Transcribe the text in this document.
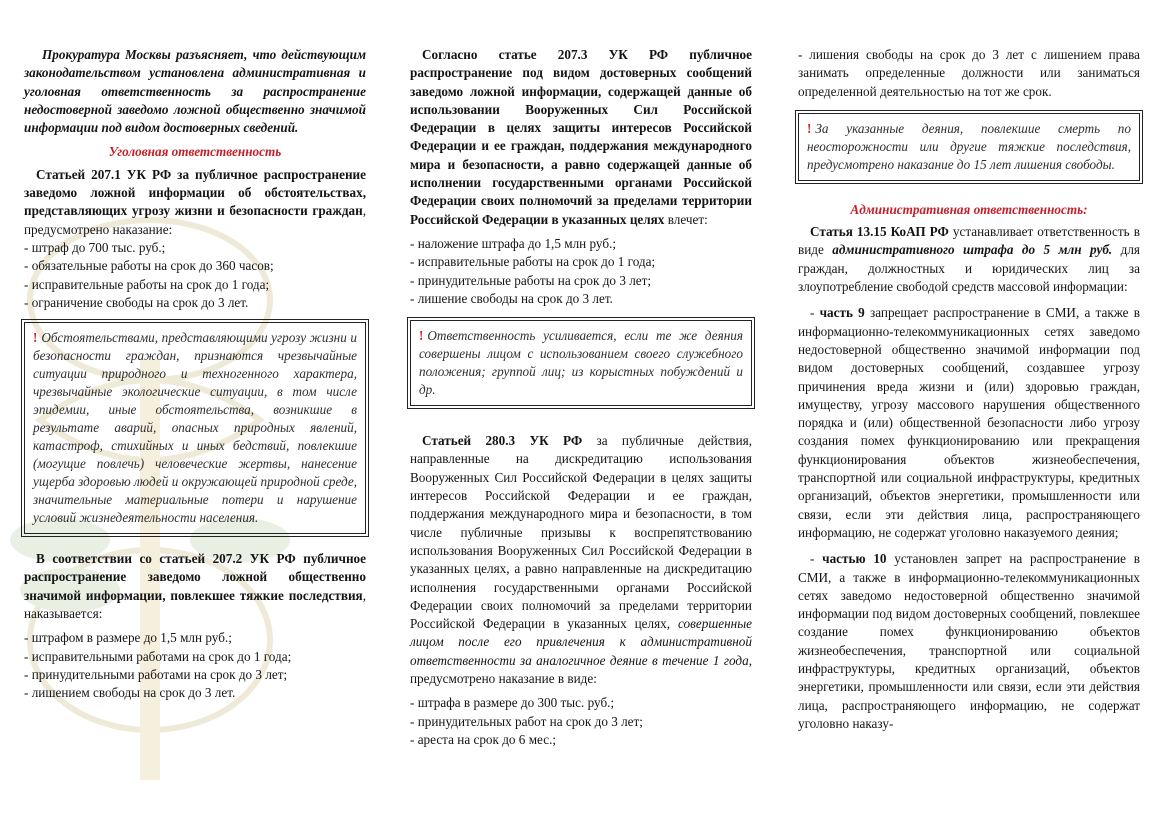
Прокуратура Москвы разъясняет, что действующим законодательством установлена административная и уголовная ответственность за распространение недостоверной заведомо ложной общественно значимой информации под видом достоверных сведений.

Уголовная ответственность

Статьей 207.1 УК РФ за публичное распространение заведомо ложной информации об обстоятельствах, представляющих угрозу жизни и безопасности граждан, предусмотрено наказание:

- штраф до 700 тыс. руб.;
- обязательные работы на срок до 360 часов;
- исправительные работы на срок до 1 года;
- ограничение свободы на срок до 3 лет.
! Обстоятельствами, представляющими угрозу жизни и безопасности граждан, признаются чрезвычайные ситуации природного и техногенного характера, чрезвычайные экологические ситуации, в том числе эпидемии, иные обстоятельства, возникшие в результате аварий, опасных природных явлений, катастроф, стихийных и иных бедствий, повлекшие (могущие повлечь) человеческие жертвы, нанесение ущерба здоровью людей и окружающей природной среде, значительные материальные потери и нарушение условий жизнедеятельности населения.

В соответствии со статьей 207.2 УК РФ публичное распространение заведомо ложной общественно значимой информации, повлекшее тяжкие последствия, наказывается:

- штрафом в размере до 1,5 млн руб.;
- исправительными работами на срок до 1 года;
- принудительными работами на срок до 3 лет;
- лишением свободы на срок до 3 лет.

Согласно статье 207.3 УК РФ публичное распространение под видом достоверных сообщений заведомо ложной информации, содержащей данные об использовании Вооруженных Сил Российской Федерации в целях защиты интересов Российской Федерации и ее граждан, поддержания международного мира и безопасности, а равно содержащей данные об исполнении государственными органами Российской Федерации своих полномочий за пределами территории Российской Федерации в указанных целях влечет:

- наложение штрафа до 1,5 млн руб.;
- исправительные работы на срок до 1 года;
- принудительные работы на срок до 3 лет;
- лишение свободы на срок до 3 лет.
! Ответственность усиливается, если те же деяния совершены лицом с использованием своего служебного положения; группой лиц; из корыстных побуждений и др.

Статьей 280.3 УК РФ за публичные действия, направленные на дискредитацию использования Вооруженных Сил Российской Федерации в целях защиты интересов Российской Федерации и ее граждан, поддержания международного мира и безопасности, в том числе публичные призывы к воспрепятствованию использования Вооруженных Сил Российской Федерации в указанных целях, а равно направленные на дискредитацию исполнения государственными органами Российской Федерации своих полномочий за пределами территории Российской Федерации в указанных целях, совершенные лицом после его привлечения к административной ответственности за аналогичное деяние в течение 1 года, предусмотрено наказание в виде:

- штрафа в размере до 300 тыс. руб.;
- принудительных работ на срок до 3 лет;
- ареста на срок до 6 мес.;
- лишения свободы на срок до 3 лет с лишением права занимать определенные должности или заниматься определенной деятельностью на тот же срок.
! За указанные деяния, повлекшие смерть по неосторожности или другие тяжкие последствия, предусмотрено наказание до 15 лет лишения свободы.

Административная ответственность:

Статья 13.15 КоАП РФ устанавливает ответственность в виде административного штрафа до 5 млн руб. для граждан, должностных и юридических лиц за злоупотребление свободой средств массовой информации:

- часть 9 запрещает распространение в СМИ, а также в информационно-телекоммуникационных сетях заведомо недостоверной общественно значимой информации под видом достоверных сообщений, создавшее угрозу причинения вреда жизни и (или) здоровью граждан, имуществу, угрозу массового нарушения общественного порядка и (или) общественной безопасности либо угрозу создания помех функционированию или прекращения функционирования объектов жизнеобеспечения, транспортной или социальной инфраструктуры, кредитных организаций, объектов энергетики, промышленности или связи, если эти действия лица, распространяющего информацию, не содержат уголовно наказуемого деяния;

- частью 10 установлен запрет на распространение в СМИ, а также в информационно-телекоммуникационных сетях заведомо недостоверной общественно значимой информации под видом достоверных сообщений, повлекшее создание помех функционированию объектов жизнеобеспечения, транспортной или социальной инфраструктуры, кредитных организаций, объектов энергетики, промышленности или связи, если эти действия лица, распространяющего информацию, не содержат уголовно наказу-
